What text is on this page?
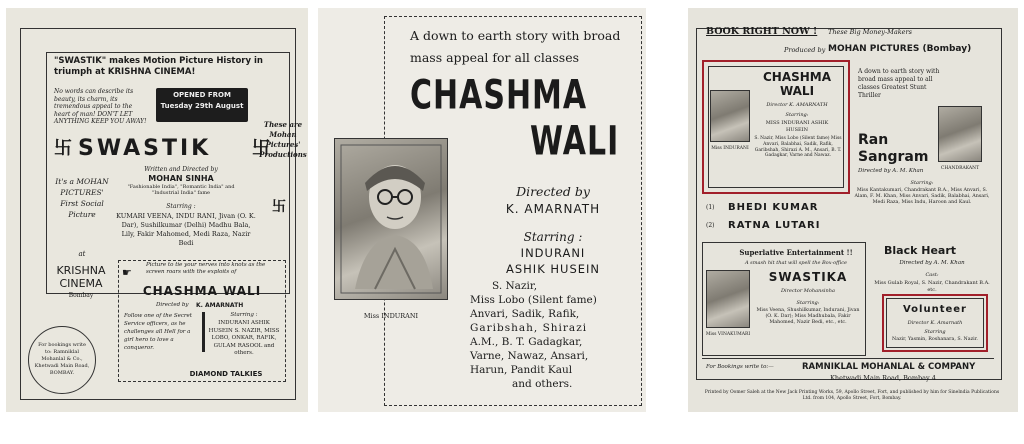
"SWASTIK" makes Motion Picture History in triumph at KRISHNA CINEMA!
No words can describe its beauty, its charm, its tremendous appeal to the heart of man! DON'T LET ANYTHING KEEP YOU AWAY!
OPENED FROM
Tuesday 29th August
卐 SWASTIK 卐
Written and Directed by
MOHAN SINHA
"Fashionable India", "Romantic India" and "Industrial India" fame
Starring :
KUMARI VEENA, INDU RANI, Jivan (O. K. Dar), Sushilkumar (Delhi) Madhu Bala, Lily, Fakir Mahomed, Medi Raza, Nazir Bedi
It's a MOHAN PICTURES' First Social Picture
at
KRISHNA CINEMA
Bombay
These are Mohan Pictures' Productions
卐
☛
Picture to tie your nerves into knots as the screen roars with the exploits of
CHASHMA WALI
Directed by K. AMARNATH
Follow one of the Secret Service officers, as he challenges all Hell for a girl hero to love a conqueror.
Starring :
INDURANI ASHIK HUSEIN S. NAZIR, MISS LOBO, ONKAR, RAFIK, GULAM RASOOL and others.
DIAMOND TALKIES
For bookings write to: Ramniklal Mohanlal & Co., Khetwadi Main Road, BOMBAY.
A down to earth story with broad
mass appeal for all classes
CHASHMA
WALI
Miss INDURANI
Directed by
K. AMARNATH
Starring :
INDURANI
ASHIK HUSEIN
S. Nazir,
Miss Lobo (Silent fame)
Anvari, Sadik, Rafik,
Garibshah, Shirazi
A.M., B. T. Gadagkar,
Varne, Nawaz, Ansari,
Harun, Pandit Kaul
and others.
BOOK RIGHT NOW ! These Big Money-Makers
Produced by MOHAN PICTURES (Bombay)
Miss INDURANI
CHASHMA WALI
Director K. AMARNATH
Starring:
MISS INDURANI ASHIK HUSEIN
S. Nazir, Miss Lobo (Silent fame) Miss Anvari, Balabhai, Sadik, Rafik, Garibshah, Shirazi A. M., Ansari, B. T. Gadagkar, Varne and Nawaz.
A down to earth story with broad mass appeal to all classes Greatest Stunt Thriller
CHANDRAKANT
Ran Sangram
Directed by A. M. Khan
Starring:
Miss Kantakumari, Chandrakant B.A., Miss Anvari, S. Alam, F. M. Khan, Miss Anvari, Sadik, Balabhai, Ansari, Medi Raza, Miss Indu, Haroon and Kaul.
(1) BHEDI KUMAR
(2) RATNA LUTARI
Black Heart
Directed by A. M. Khan
Cast:
Miss Gulab Royal, S. Nazir, Chandrakant B.A. etc.
Superlative Entertainment !!
A smash hit that will spell the Box-office
Miss VINAKUMARI
SWASTIKA
Director Mohansinha
Starring:
Miss Veena, Shushilkumar, Indurani, Jivan (O. K. Dar); Miss Madhubala, Fakir Mahomed, Nazir Bedi, etc., etc.
Volunteer
Director K. Amarnath
Starring
Nazir, Yasmin, Roshanara, S. Nazir.
For Bookings write to:—	RAMNIKLAL MOHANLAL & COMPANY
Khetwadi Main Road, Bombay 4
Printed by Oomer Saleh at the New Jack Printing Works, 59, Apollo Street, Fort, and published by him for Sinelndia Publications Ltd. from 104, Apollo Street, Fort, Bombay.
